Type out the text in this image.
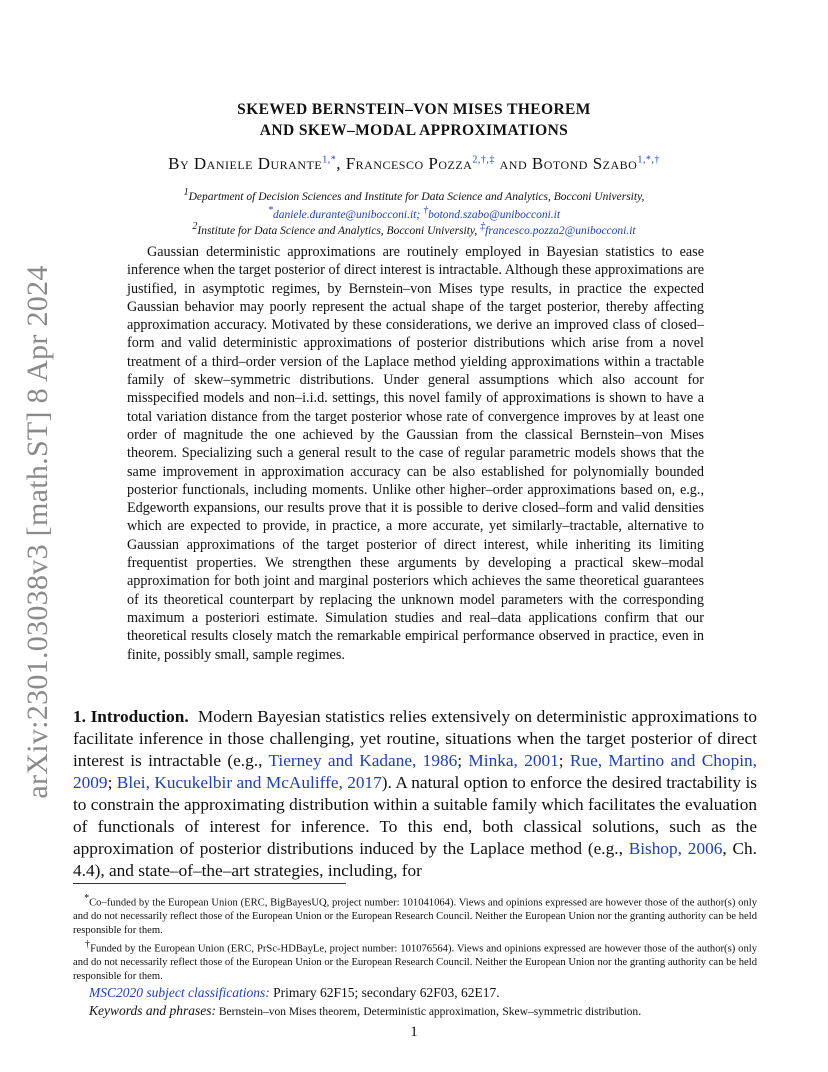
arXiv:2301.03038v3 [math.ST] 8 Apr 2024
SKEWED BERNSTEIN–VON MISES THEOREM
AND SKEW–MODAL APPROXIMATIONS
By Daniele Durante$^{1,*}$, Francesco Pozza$^{2,\dagger,\ddagger}$ and Botond Szabo$^{1,*,\dagger}$
$^1$Department of Decision Sciences and Institute for Data Science and Analytics, Bocconi University,
*daniele.durante@unibocconi.it; †botond.szabo@unibocconi.it
$^2$Institute for Data Science and Analytics, Bocconi University, ‡francesco.pozza2@unibocconi.it
Gaussian deterministic approximations are routinely employed in Bayesian statistics to ease inference when the target posterior of direct interest is intractable. Although these approximations are justified, in asymptotic regimes, by Bernstein–von Mises type results, in practice the expected Gaussian behavior may poorly represent the actual shape of the target posterior, thereby affecting approximation accuracy. Motivated by these considerations, we derive an improved class of closed–form and valid deterministic approximations of posterior distributions which arise from a novel treatment of a third–order version of the Laplace method yielding approximations within a tractable family of skew–symmetric distributions. Under general assumptions which also account for misspecified models and non–i.i.d. settings, this novel family of approximations is shown to have a total variation distance from the target posterior whose rate of convergence improves by at least one order of magnitude the one achieved by the Gaussian from the classical Bernstein–von Mises theorem. Specializing such a general result to the case of regular parametric models shows that the same improvement in approximation accuracy can be also established for polynomially bounded posterior functionals, including moments. Unlike other higher–order approximations based on, e.g., Edgeworth expansions, our results prove that it is possible to derive closed–form and valid densities which are expected to provide, in practice, a more accurate, yet similarly–tractable, alternative to Gaussian approximations of the target posterior of direct interest, while inheriting its limiting frequentist properties. We strengthen these arguments by developing a practical skew–modal approximation for both joint and marginal posteriors which achieves the same theoretical guarantees of its theoretical counterpart by replacing the unknown model parameters with the corresponding maximum a posteriori estimate. Simulation studies and real–data applications confirm that our theoretical results closely match the remarkable empirical performance observed in practice, even in finite, possibly small, sample regimes.
1. Introduction. Modern Bayesian statistics relies extensively on deterministic approximations to facilitate inference in those challenging, yet routine, situations when the target posterior of direct interest is intractable (e.g., Tierney and Kadane, 1986; Minka, 2001; Rue, Martino and Chopin, 2009; Blei, Kucukelbir and McAuliffe, 2017). A natural option to enforce the desired tractability is to constrain the approximating distribution within a suitable family which facilitates the evaluation of functionals of interest for inference. To this end, both classical solutions, such as the approximation of posterior distributions induced by the Laplace method (e.g., Bishop, 2006, Ch. 4.4), and state–of–the–art strategies, including, for
*Co–funded by the European Union (ERC, BigBayesUQ, project number: 101041064). Views and opinions expressed are however those of the author(s) only and do not necessarily reflect those of the European Union or the European Research Council. Neither the European Union nor the granting authority can be held responsible for them.
†Funded by the European Union (ERC, PrSc-HDBayLe, project number: 101076564). Views and opinions expressed are however those of the author(s) only and do not necessarily reflect those of the European Union or the European Research Council. Neither the European Union nor the granting authority can be held responsible for them.
MSC2020 subject classifications: Primary 62F15; secondary 62F03, 62E17.
Keywords and phrases: Bernstein–von Mises theorem, Deterministic approximation, Skew–symmetric distribution.
1
